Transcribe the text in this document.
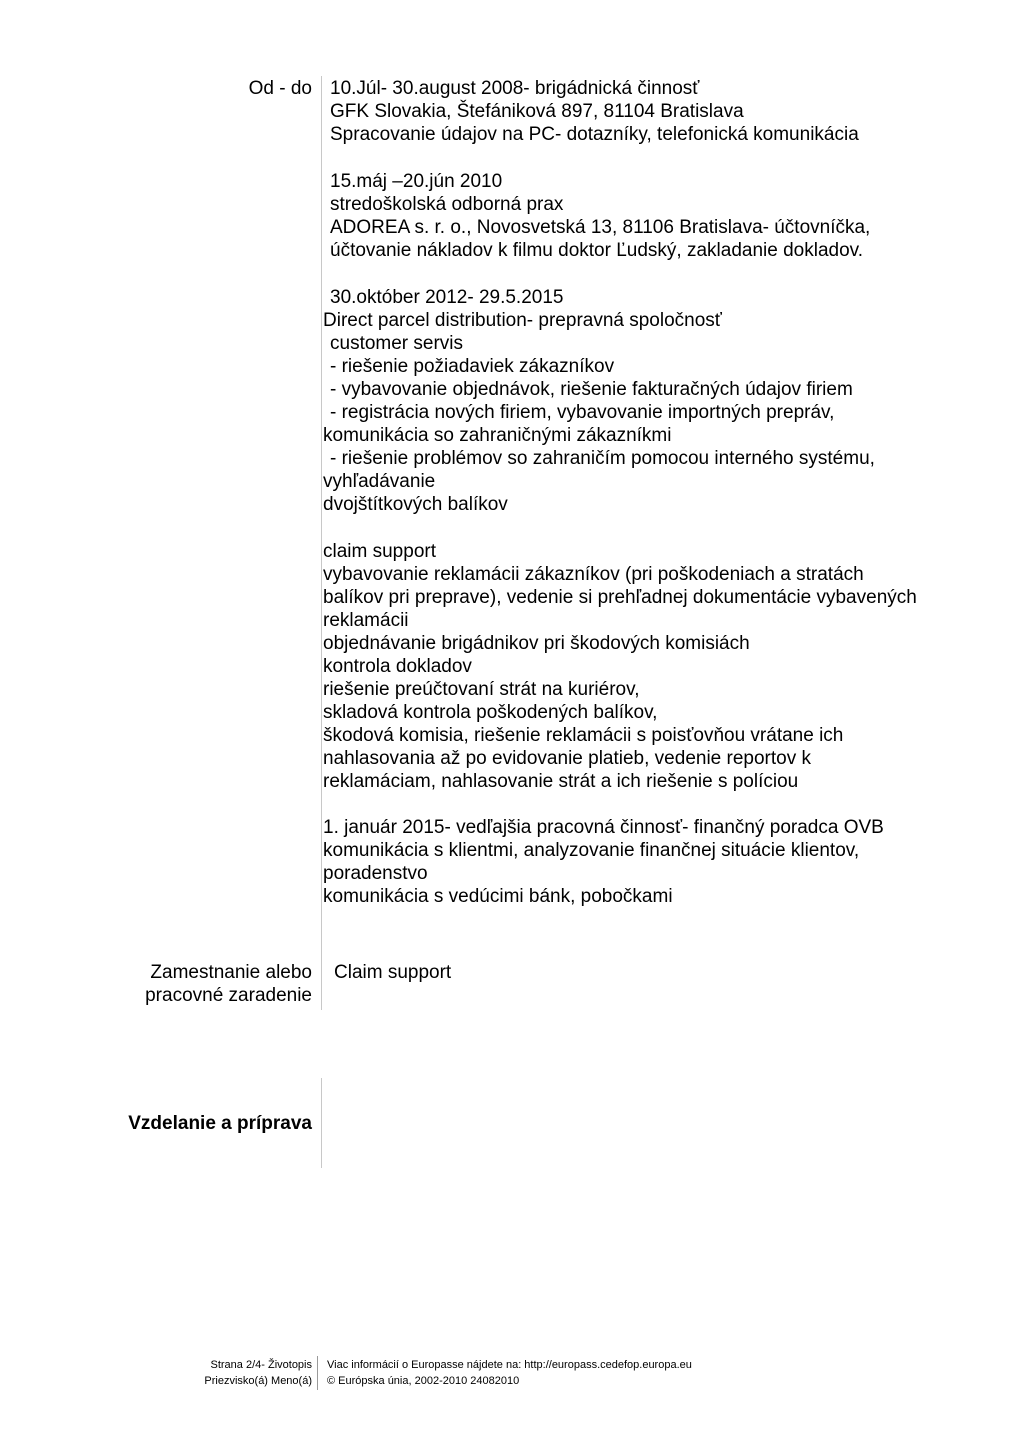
Od - do
Zamestnanie alebo
pracovné zaradenie
Vzdelanie a príprava
10.Júl- 30.august 2008- brigádnická činnosť
GFK Slovakia, Štefániková 897, 81104 Bratislava
Spracovanie údajov na PC- dotazníky, telefonická komunikácia
15.máj –20.jún 2010
stredoškolská odborná prax
ADOREA s. r. o., Novosvetská 13, 81106 Bratislava- účtovníčka,
účtovanie nákladov k filmu doktor Ľudský, zakladanie dokladov.
30.október 2012- 29.5.2015
Direct parcel distribution- prepravná spoločnosť
customer servis
- riešenie požiadaviek zákazníkov
- vybavovanie objednávok, riešenie fakturačných údajov firiem
- registrácia nových firiem, vybavovanie importných prepráv,
komunikácia so zahraničnými zákazníkmi
- riešenie problémov so zahraničím pomocou interného systému,
vyhľadávanie
dvojštítkových balíkov
claim support
vybavovanie reklamácii zákazníkov (pri poškodeniach a stratách
balíkov pri preprave), vedenie si prehľadnej dokumentácie vybavených
reklamácii
objednávanie brigádnikov pri škodových komisiách
kontrola dokladov
riešenie preúčtovaní strát na kuriérov,
skladová kontrola poškodených balíkov,
škodová komisia, riešenie reklamácii s poisťovňou vrátane ich
nahlasovania až po evidovanie platieb, vedenie reportov k
reklamáciam, nahlasovanie strát a ich riešenie s políciou
1. január 2015- vedľajšia pracovná činnosť- finančný poradca OVB
komunikácia s klientmi, analyzovanie finančnej situácie klientov,
poradenstvo
komunikácia s vedúcimi bánk, pobočkami
Claim support
Strana 2/4- Životopis
Priezvisko(á) Meno(á)
Viac informácií o Europasse nájdete na: http://europass.cedefop.europa.eu
© Európska únia, 2002-2010 24082010
